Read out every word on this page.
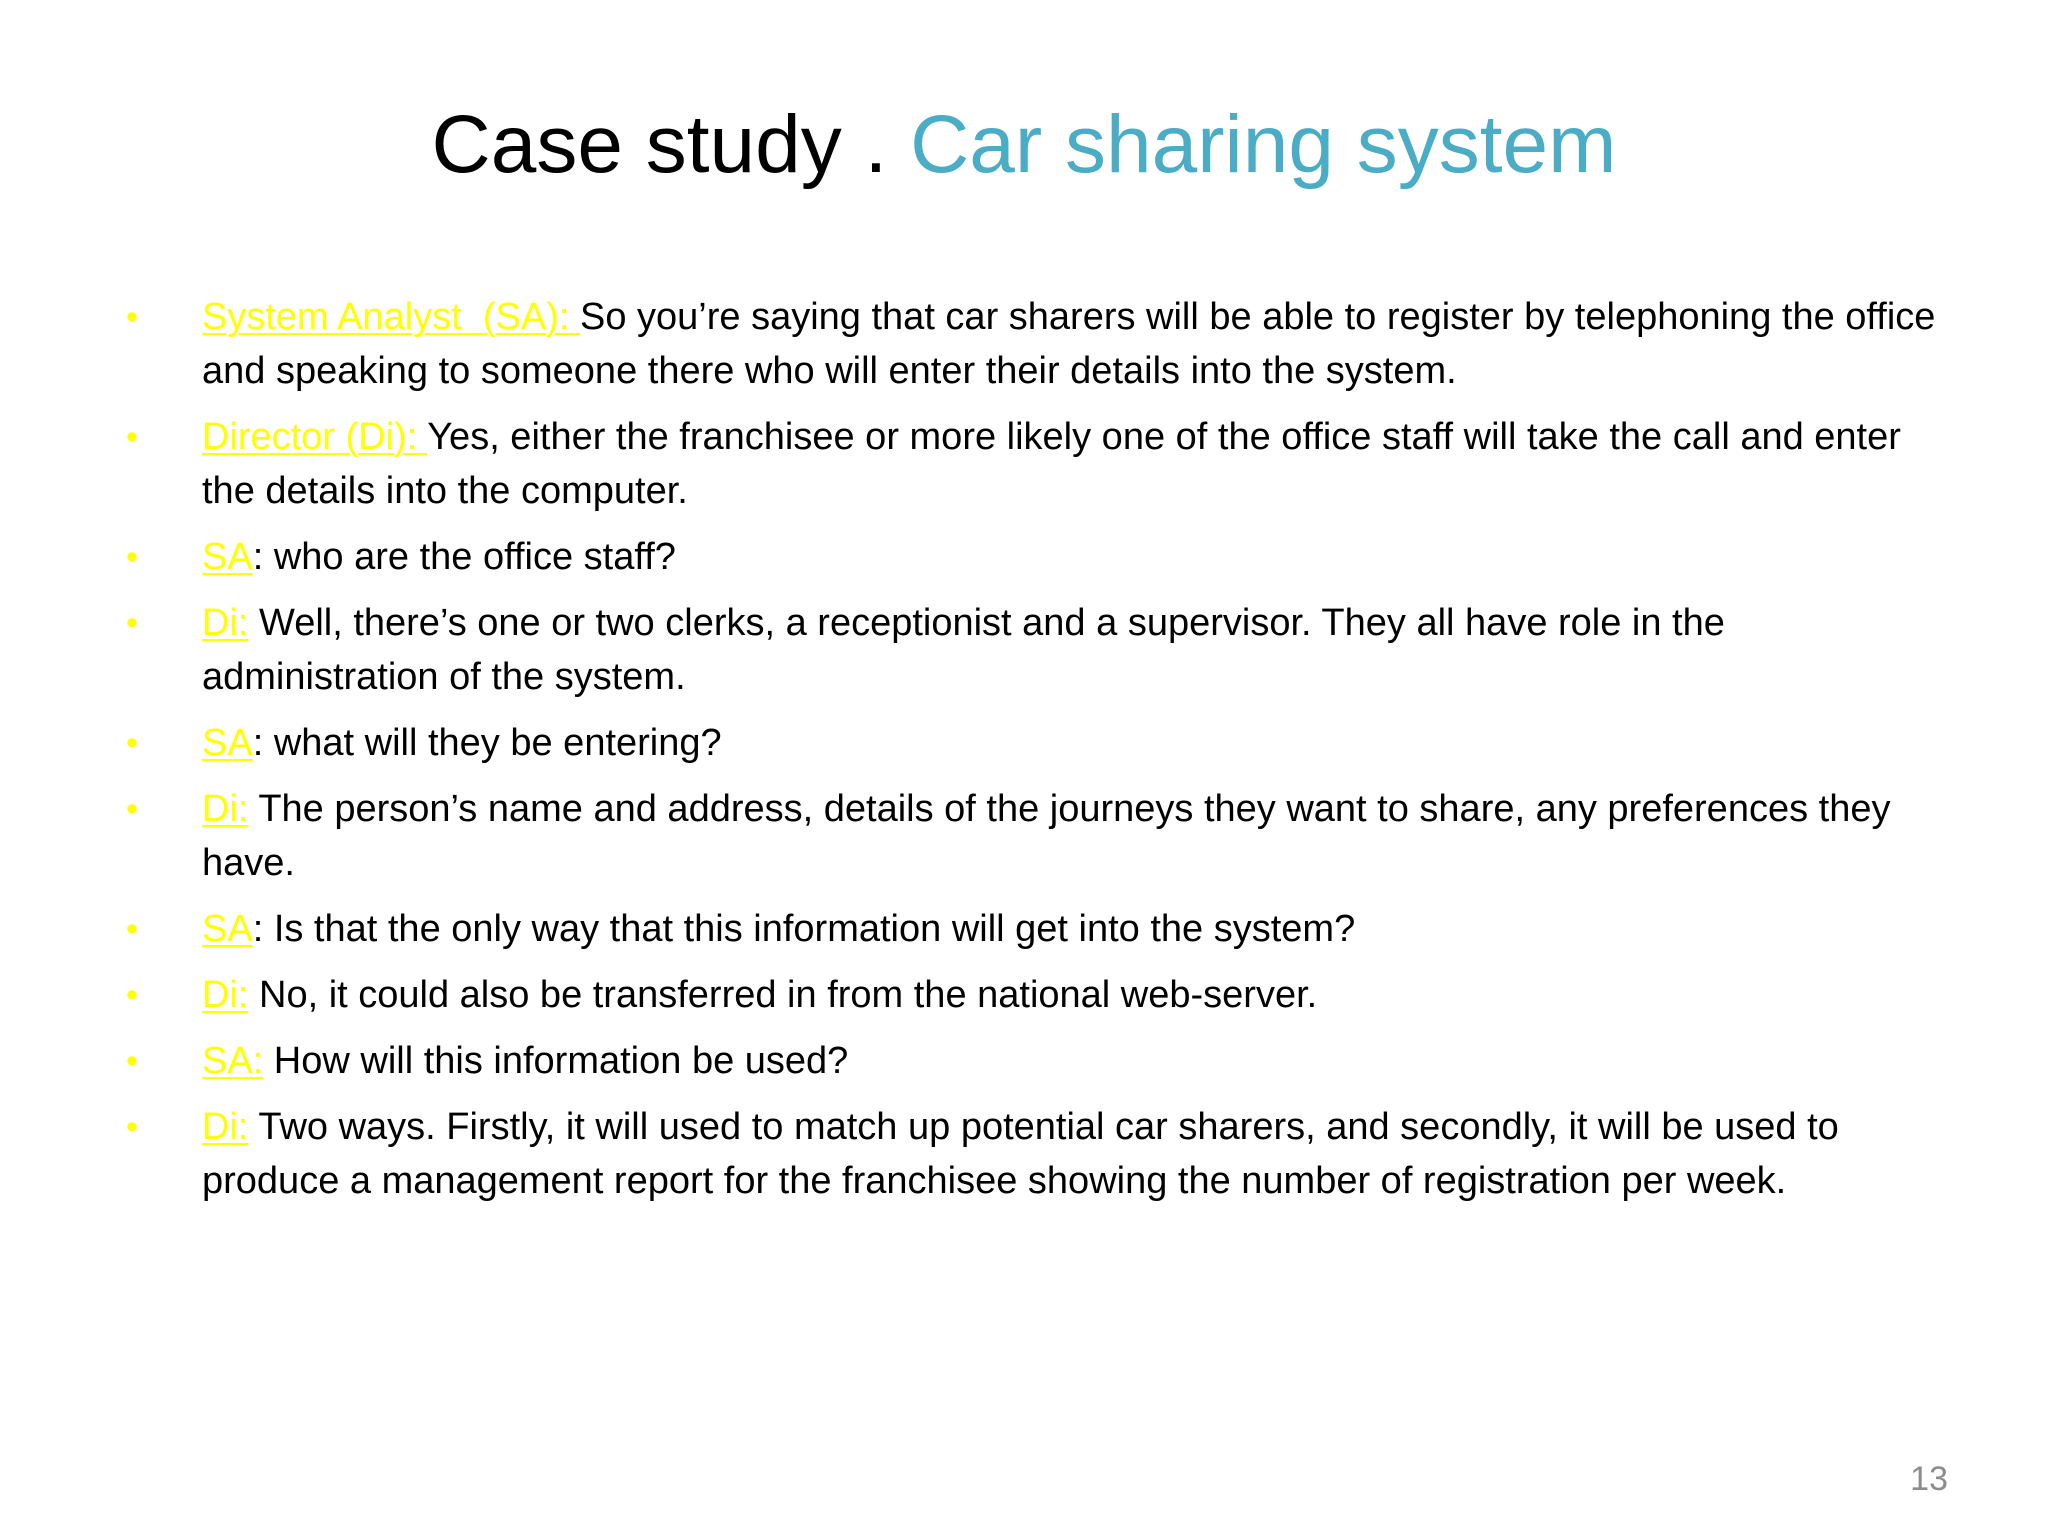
Case study . Car sharing system
• System Analyst  (SA): So you’re saying that car sharers will be able to register by telephoning the office and speaking to someone there who will enter their details into the system.
• Director (Di): Yes, either the franchisee or more likely one of the office staff will take the call and enter the details into the computer.
• SA: who are the office staff?
• Di: Well, there’s one or two clerks, a receptionist and a supervisor. They all have role in the administration of the system.
• SA: what will they be entering?
• Di: The person’s name and address, details of the journeys they want to share, any preferences they have.
• SA: Is that the only way that this information will get into the system?
• Di: No, it could also be transferred in from the national web-server.
• SA: How will this information be used?
• Di: Two ways. Firstly, it will used to match up potential car sharers, and secondly, it will be used to produce a management report for the franchisee showing the number of registration per week.
13
